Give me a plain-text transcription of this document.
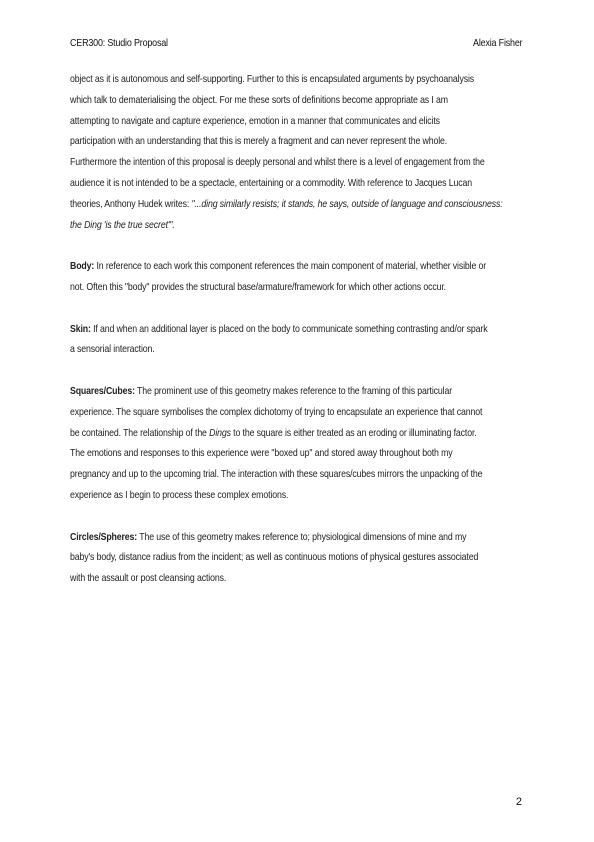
CER300: Studio Proposal	Alexia Fisher
object as it is autonomous and self-supporting. Further to this is encapsulated arguments by psychoanalysis
which talk to dematerialising the object. For me these sorts of definitions become appropriate as I am
attempting to navigate and capture experience, emotion in a manner that communicates and elicits
participation with an understanding that this is merely a fragment and can never represent the whole.
Furthermore the intention of this proposal is deeply personal and whilst there is a level of engagement from the
audience it is not intended to be a spectacle, entertaining or a commodity. With reference to Jacques Lucan
theories, Anthony Hudek writes: "...ding similarly resists; it stands, he says, outside of language and consciousness:
the Ding 'is the true secret'".
Body: In reference to each work this component references the main component of material, whether visible or
not. Often this "body" provides the structural base/armature/framework for which other actions occur.
Skin: If and when an additional layer is placed on the body to communicate something contrasting and/or spark
a sensorial interaction.
Squares/Cubes: The prominent use of this geometry makes reference to the framing of this particular
experience. The square symbolises the complex dichotomy of trying to encapsulate an experience that cannot
be contained. The relationship of the Dings to the square is either treated as an eroding or illuminating factor.
The emotions and responses to this experience were "boxed up" and stored away throughout both my
pregnancy and up to the upcoming trial. The interaction with these squares/cubes mirrors the unpacking of the
experience as I begin to process these complex emotions.
Circles/Spheres: The use of this geometry makes reference to; physiological dimensions of mine and my
baby's body, distance radius from the incident; as well as continuous motions of physical gestures associated
with the assault or post cleansing actions.
2
